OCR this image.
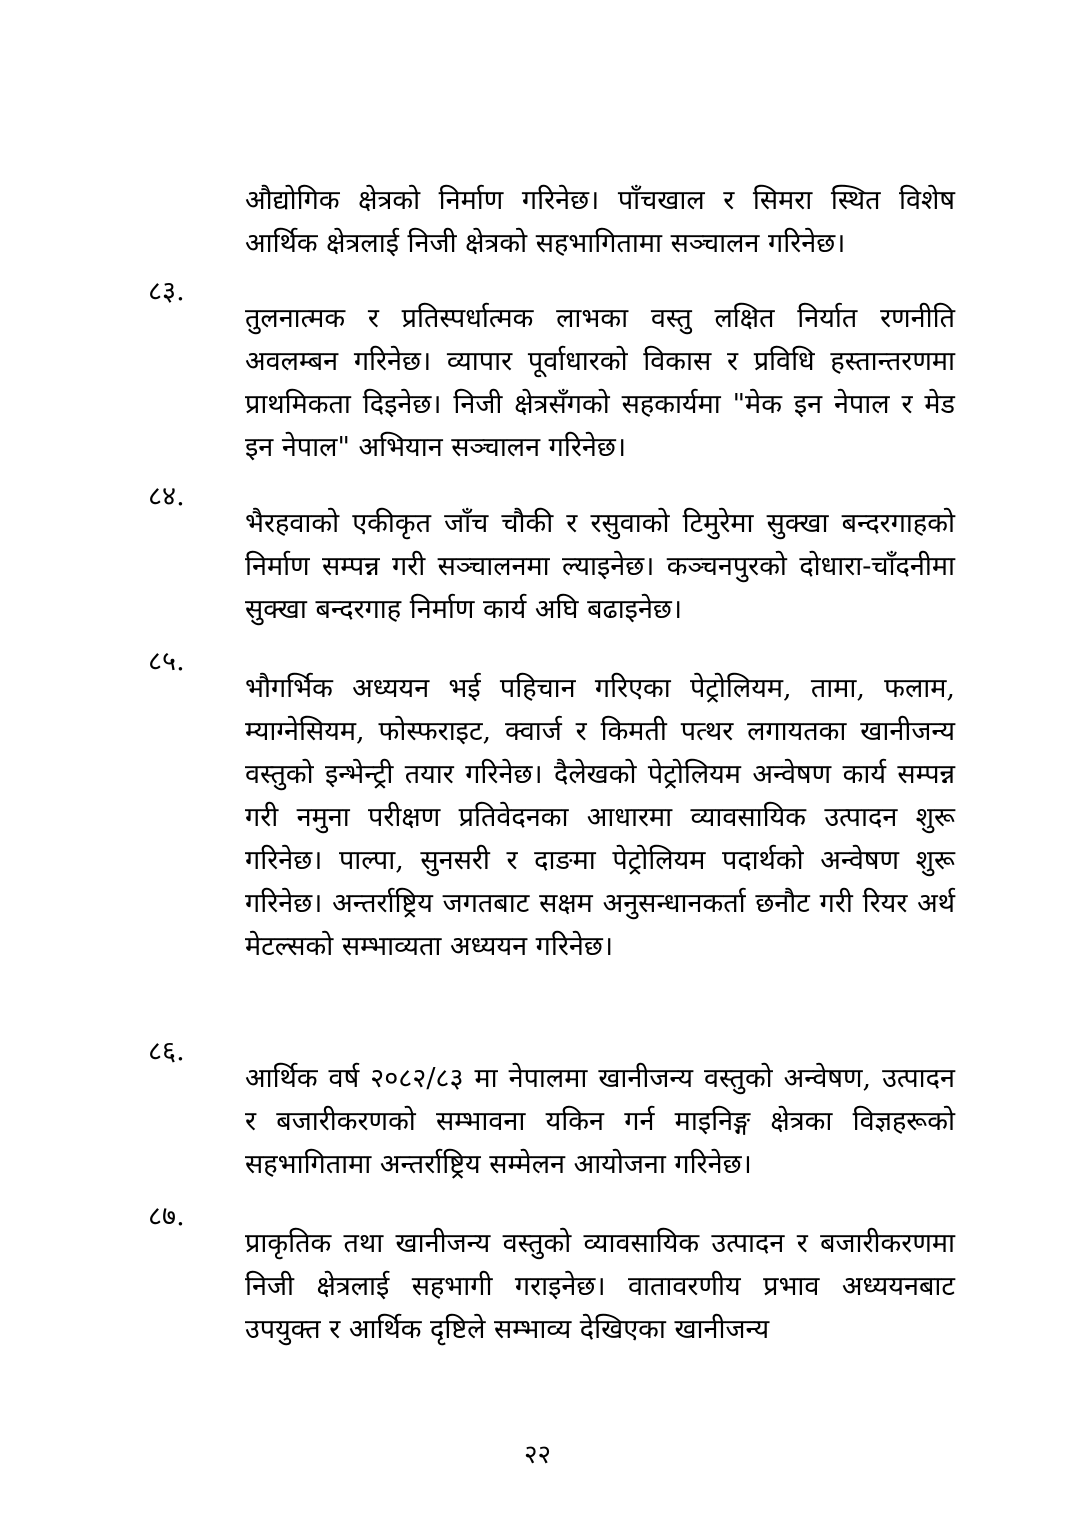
औद्योगिक क्षेत्रको निर्माण गरिनेछ। पाँचखाल र सिमरा स्थित विशेष आर्थिक क्षेत्रलाई निजी क्षेत्रको सहभागितामा सञ्चालन गरिनेछ।

८३.

तुलनात्मक र प्रतिस्पर्धात्मक लाभका वस्तु लक्षित निर्यात रणनीति अवलम्बन गरिनेछ। व्यापार पूर्वाधारको विकास र प्रविधि हस्तान्तरणमा प्राथमिकता दिइनेछ। निजी क्षेत्रसँगको सहकार्यमा "मेक इन नेपाल र मेड इन नेपाल" अभियान सञ्चालन गरिनेछ।

८४.

भैरहवाको एकीकृत जाँच चौकी र रसुवाको टिमुरेमा सुक्खा बन्दरगाहको निर्माण सम्पन्न गरी सञ्चालनमा ल्याइनेछ। कञ्चनपुरको दोधारा-चाँदनीमा सुक्खा बन्दरगाह निर्माण कार्य अघि बढाइनेछ।

८५.

भौगर्भिक अध्ययन भई पहिचान गरिएका पेट्रोलियम, तामा, फलाम, म्याग्नेसियम, फोस्फराइट, क्वार्ज र किमती पत्थर लगायतका खानीजन्य वस्तुको इन्भेन्ट्री तयार गरिनेछ। दैलेखको पेट्रोलियम अन्वेषण कार्य सम्पन्न गरी नमुना परीक्षण प्रतिवेदनका आधारमा व्यावसायिक उत्पादन शुरू गरिनेछ। पाल्पा, सुनसरी र दाङमा पेट्रोलियम पदार्थको अन्वेषण शुरू गरिनेछ। अन्तर्राष्ट्रिय जगतबाट सक्षम अनुसन्धानकर्ता छनौट गरी रियर अर्थ मेटल्सको सम्भाव्यता अध्ययन गरिनेछ।

८६.

आर्थिक वर्ष २०८२/८३ मा नेपालमा खानीजन्य वस्तुको अन्वेषण, उत्पादन र बजारीकरणको सम्भावना यकिन गर्न माइनिङ्ग क्षेत्रका विज्ञहरूको सहभागितामा अन्तर्राष्ट्रिय सम्मेलन आयोजना गरिनेछ।

८७.

प्राकृतिक तथा खानीजन्य वस्तुको व्यावसायिक उत्पादन र बजारीकरणमा निजी क्षेत्रलाई सहभागी गराइनेछ। वातावरणीय प्रभाव अध्ययनबाट उपयुक्त र आर्थिक दृष्टिले सम्भाव्य देखिएका खानीजन्य

२२
